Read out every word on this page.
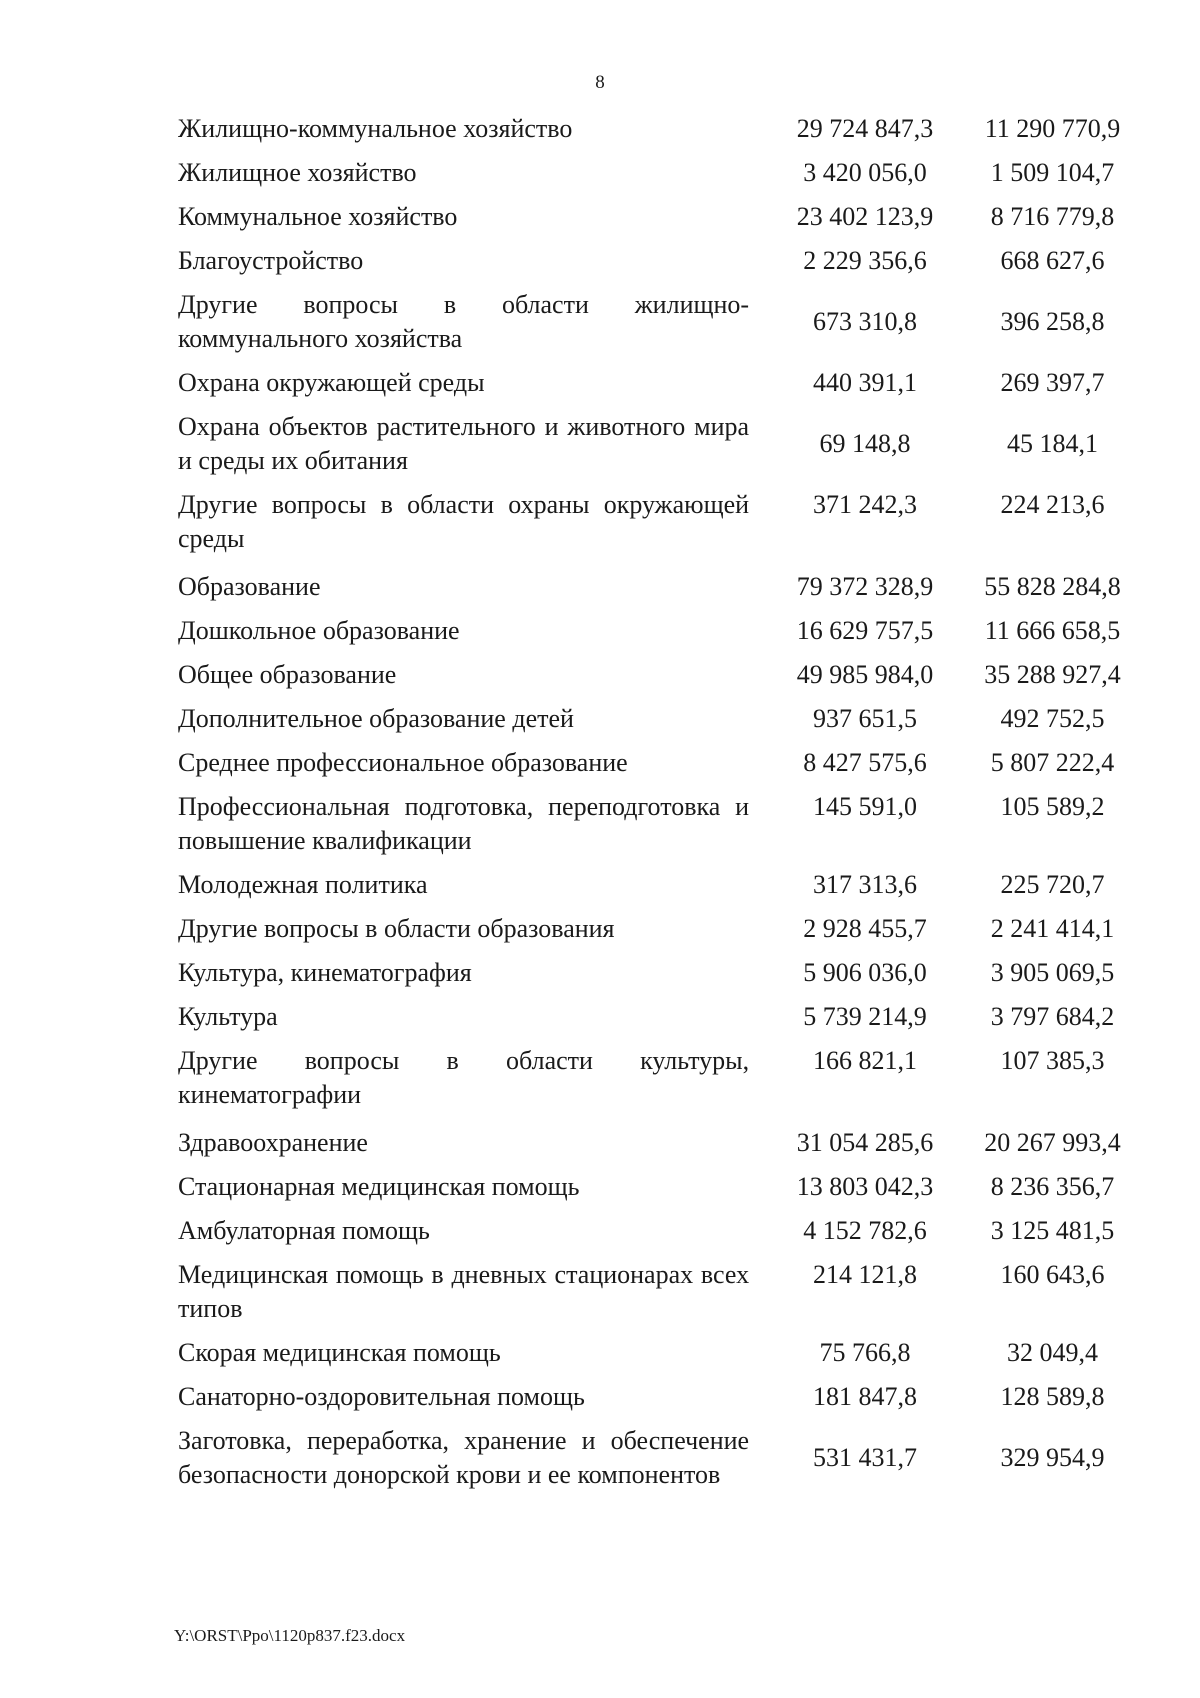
8
Жилищно-коммунальное хозяйство	29 724 847,3	11 290 770,9
Жилищное хозяйство	3 420 056,0	1 509 104,7
Коммунальное хозяйство	23 402 123,9	8 716 779,8
Благоустройство	2 229 356,6	668 627,6
Другие вопросы в области жилищно-коммунального хозяйства	673 310,8	396 258,8
Охрана окружающей среды	440 391,1	269 397,7
Охрана объектов растительного и животного мира и среды их обитания	69 148,8	45 184,1
Другие вопросы в области охраны окружающей среды	371 242,3	224 213,6
Образование	79 372 328,9	55 828 284,8
Дошкольное образование	16 629 757,5	11 666 658,5
Общее образование	49 985 984,0	35 288 927,4
Дополнительное образование детей	937 651,5	492 752,5
Среднее профессиональное образование	8 427 575,6	5 807 222,4
Профессиональная подготовка, переподготовка и повышение квалификации	145 591,0	105 589,2
Молодежная политика	317 313,6	225 720,7
Другие вопросы в области образования	2 928 455,7	2 241 414,1
Культура, кинематография	5 906 036,0	3 905 069,5
Культура	5 739 214,9	3 797 684,2
Другие вопросы в области культуры, кинематографии	166 821,1	107 385,3
Здравоохранение	31 054 285,6	20 267 993,4
Стационарная медицинская помощь	13 803 042,3	8 236 356,7
Амбулаторная помощь	4 152 782,6	3 125 481,5
Медицинская помощь в дневных стационарах всех типов	214 121,8	160 643,6
Скорая медицинская помощь	75 766,8	32 049,4
Санаторно-оздоровительная помощь	181 847,8	128 589,8
Заготовка, переработка, хранение и обеспечение безопасности донорской крови и ее компонентов	531 431,7	329 954,9
Y:\ORST\Ppo\1120p837.f23.docx
